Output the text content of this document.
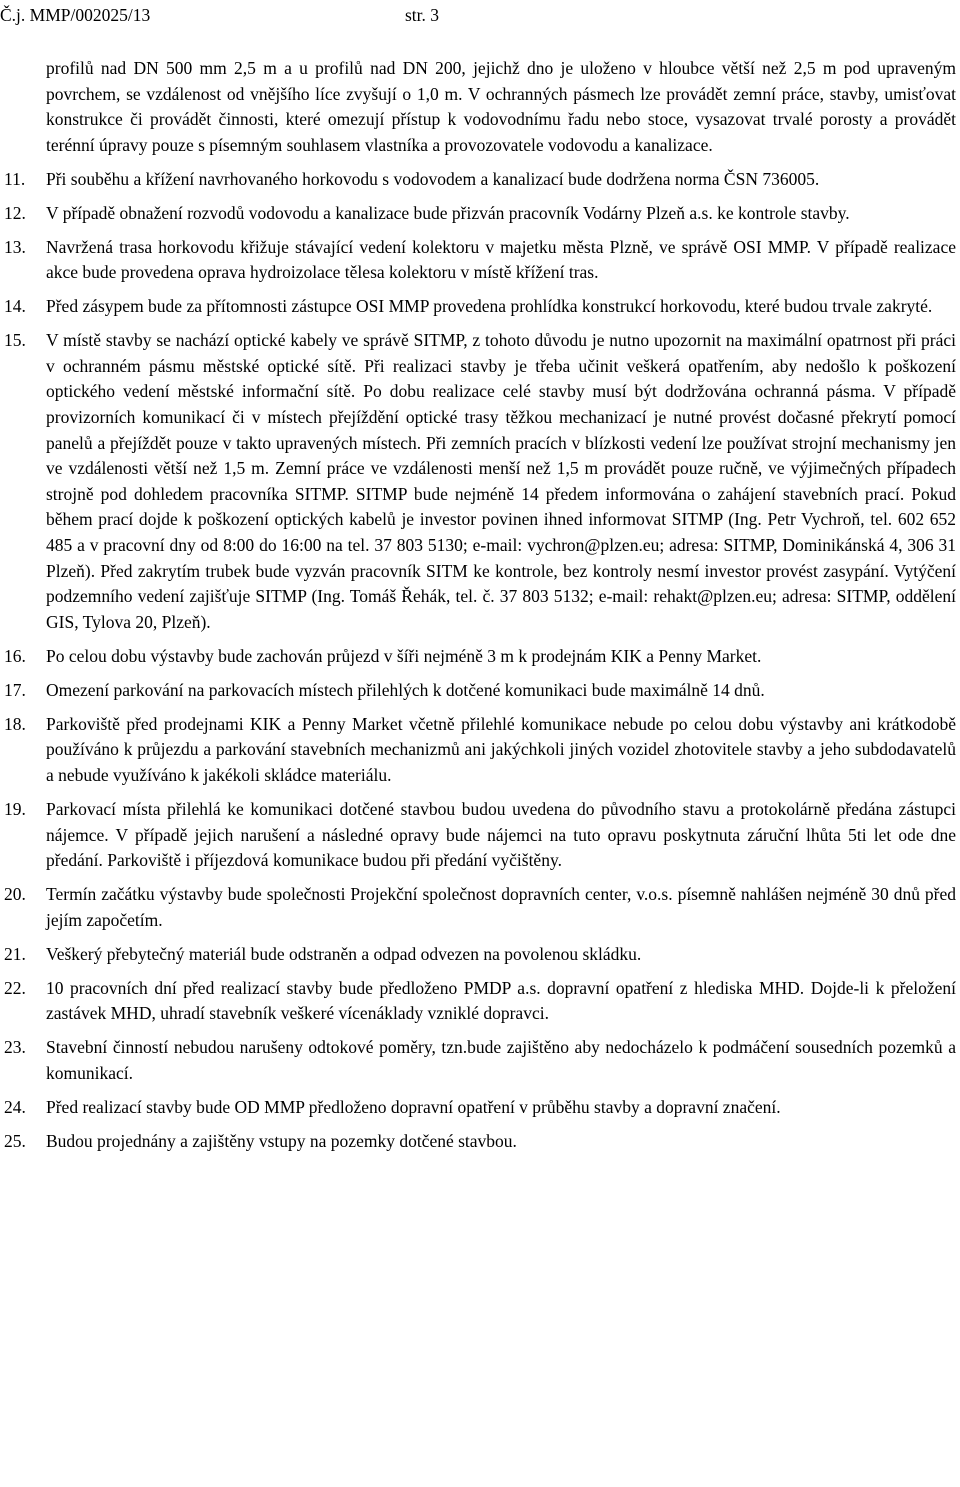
Č.j. MMP/002025/13	str. 3

profilů nad DN 500 mm 2,5 m a u profilů nad DN 200, jejichž dno je uloženo v hloubce větší než 2,5 m pod upraveným povrchem, se vzdálenost od vnějšího líce zvyšují o 1,0 m. V ochranných pásmech lze provádět zemní práce, stavby, umisťovat konstrukce či provádět činnosti, které omezují přístup k vodovodnímu řadu nebo stoce, vysazovat trvalé porosty a provádět terénní úpravy pouze s písemným souhlasem vlastníka a provozovatele vodovodu a kanalizace.

11. Při souběhu a křížení navrhovaného horkovodu s vodovodem a kanalizací bude dodržena norma ČSN 736005.
12. V případě obnažení rozvodů vodovodu a kanalizace bude přizván pracovník Vodárny Plzeň a.s. ke kontrole stavby.
13. Navržená trasa horkovodu křižuje stávající vedení kolektoru v majetku města Plzně, ve správě OSI MMP. V případě realizace akce bude provedena oprava hydroizolace tělesa kolektoru v místě křížení tras.
14. Před zásypem bude za přítomnosti zástupce OSI MMP provedena prohlídka konstrukcí horkovodu, které budou trvale zakryté.
15. V místě stavby se nachází optické kabely ve správě SITMP, z tohoto důvodu je nutno upozornit na maximální opatrnost při práci v ochranném pásmu městské optické sítě. Při realizaci stavby je třeba učinit veškerá opatřením, aby nedošlo k poškození optického vedení městské informační sítě. Po dobu realizace celé stavby musí být dodržována ochranná pásma. V případě provizorních komunikací či v místech přejíždění optické trasy těžkou mechanizací je nutné provést dočasné překrytí pomocí panelů a přejíždět pouze v takto upravených místech. Při zemních pracích v blízkosti vedení lze používat strojní mechanismy jen ve vzdálenosti větší než 1,5 m. Zemní práce ve vzdálenosti menší než 1,5 m provádět pouze ručně, ve výjimečných případech strojně pod dohledem pracovníka SITMP. SITMP bude nejméně 14 předem informována o zahájení stavebních prací. Pokud během prací dojde k poškození optických kabelů je investor povinen ihned informovat SITMP (Ing. Petr Vychroň, tel. 602 652 485 a v pracovní dny od 8:00 do 16:00 na tel. 37 803 5130; e-mail: vychron@plzen.eu; adresa: SITMP, Dominikánská 4, 306 31 Plzeň). Před zakrytím trubek bude vyzván pracovník SITM ke kontrole, bez kontroly nesmí investor provést zasypání. Vytýčení podzemního vedení zajišťuje SITMP (Ing. Tomáš Řehák, tel. č. 37 803 5132; e-mail: rehakt@plzen.eu; adresa: SITMP, oddělení GIS, Tylova 20, Plzeň).
16. Po celou dobu výstavby bude zachován průjezd v šíři nejméně 3 m k prodejnám KIK a Penny Market.
17. Omezení parkování na parkovacích místech přilehlých k dotčené komunikaci bude maximálně 14 dnů.
18. Parkoviště před prodejnami KIK a Penny Market včetně přilehlé komunikace nebude po celou dobu výstavby ani krátkodobě používáno k průjezdu a parkování stavebních mechanizmů ani jakýchkoli jiných vozidel zhotovitele stavby a jeho subdodavatelů a nebude využíváno k jakékoli skládce materiálu.
19. Parkovací místa přilehlá ke komunikaci dotčené stavbou budou uvedena do původního stavu a protokolárně předána zástupci nájemce. V případě jejich narušení a následné opravy bude nájemci na tuto opravu poskytnuta záruční lhůta 5ti let ode dne předání. Parkoviště i příjezdová komunikace budou při předání vyčištěny.
20. Termín začátku výstavby bude společnosti Projekční společnost dopravních center, v.o.s. písemně nahlášen nejméně 30 dnů před jejím započetím.
21. Veškerý přebytečný materiál bude odstraněn a odpad odvezen na povolenou skládku.
22. 10 pracovních dní před realizací stavby bude předloženo PMDP a.s. dopravní opatření z hlediska MHD. Dojde-li k přeložení zastávek MHD, uhradí stavebník veškeré vícenáklady vzniklé dopravci.
23. Stavební činností nebudou narušeny odtokové poměry, tzn.bude zajištěno aby nedocházelo k podmáčení sousedních pozemků a komunikací.
24. Před realizací stavby bude OD MMP předloženo dopravní opatření v průběhu stavby a dopravní značení.
25. Budou projednány a zajištěny vstupy na pozemky dotčené stavbou.
